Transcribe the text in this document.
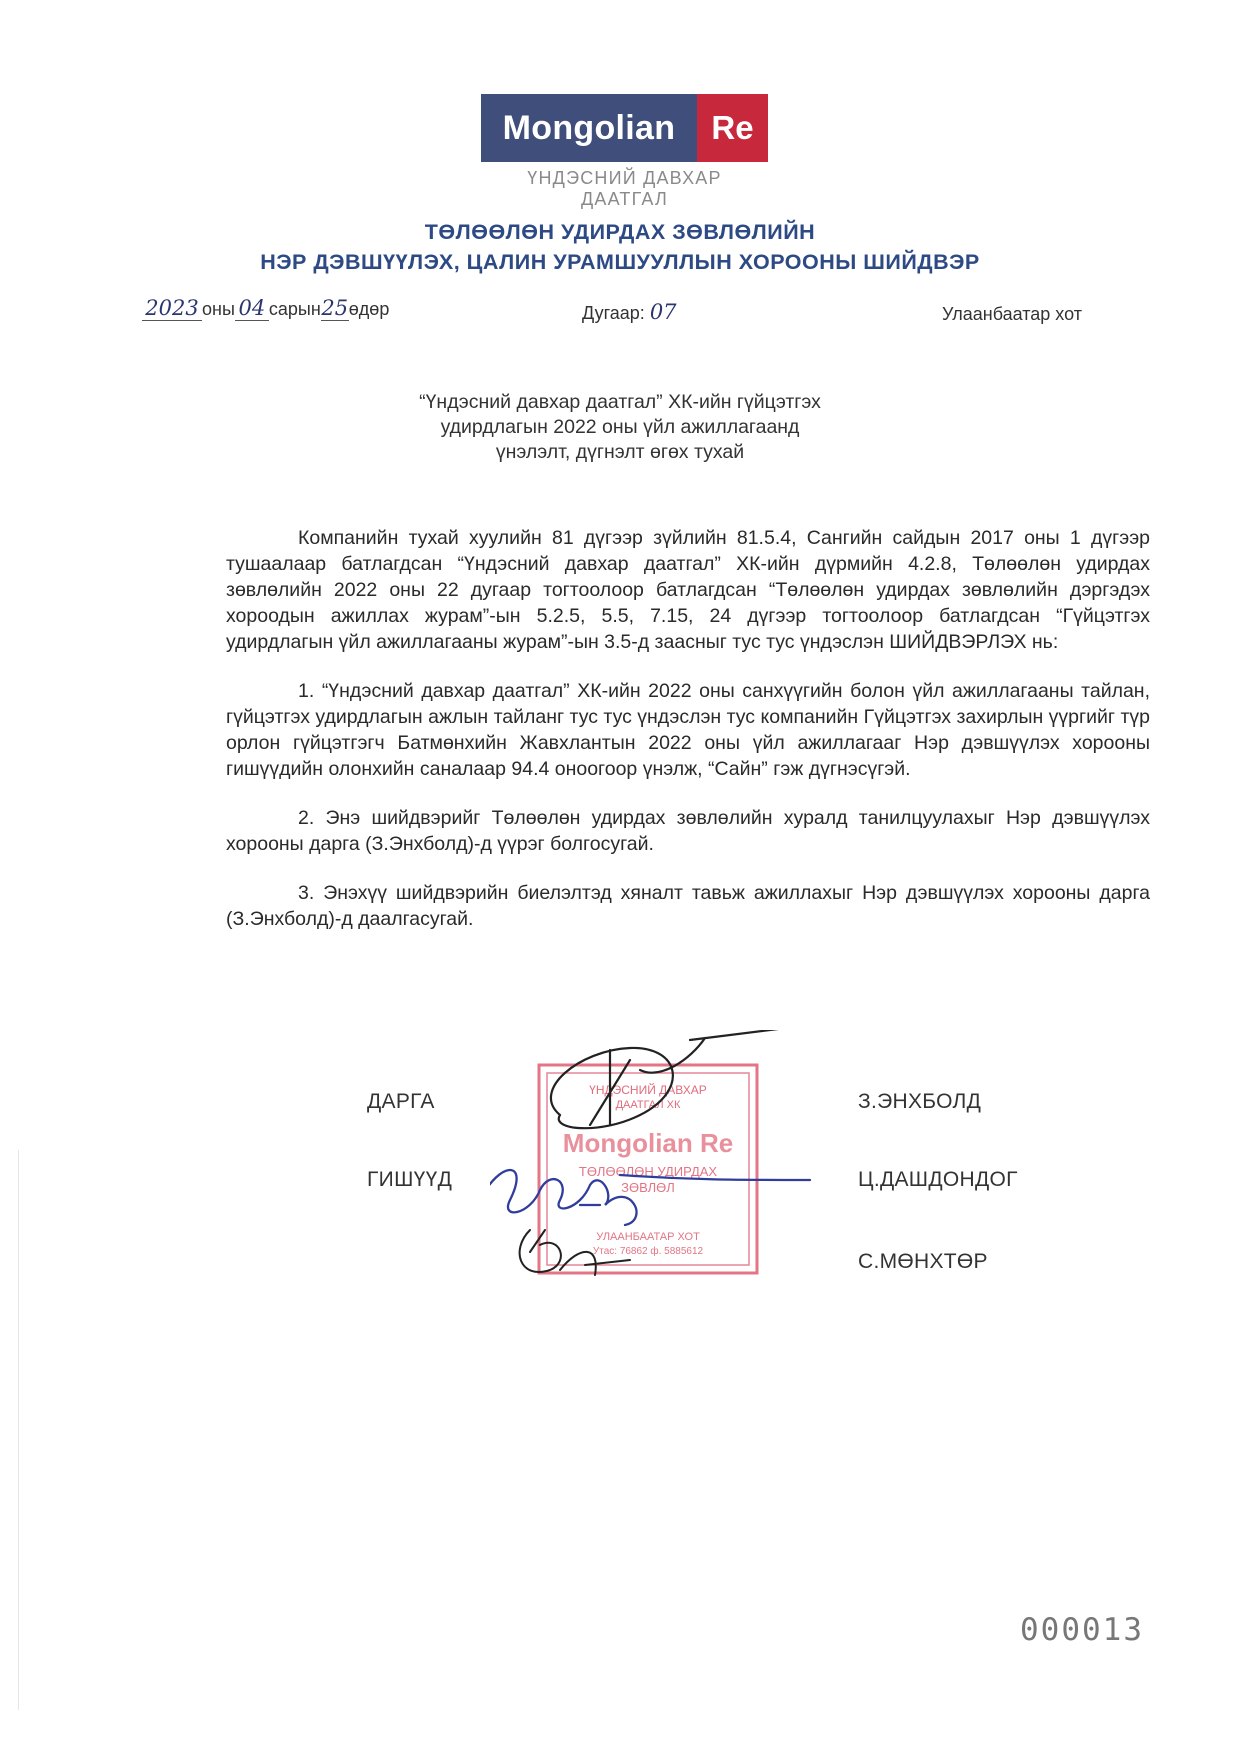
Mongolian	Re
ҮНДЭСНИЙ ДАВХАР ДААТГАЛ
ТӨЛӨӨЛӨН УДИРДАХ ЗӨВЛӨЛИЙН
НЭР ДЭВШҮҮЛЭХ, ЦАЛИН УРАМШУУЛЛЫН ХОРООНЫ ШИЙДВЭР
2023 оны 04 сарын25өдөр	Дугаар: 07	Улаанбаатар хот
“Үндэсний давхар даатгал” ХК-ийн гүйцэтгэх
удирдлагын 2022 оны үйл ажиллагаанд
үнэлэлт, дүгнэлт өгөх тухай

Компанийн тухай хуулийн 81 дүгээр зүйлийн 81.5.4, Сангийн сайдын 2017 оны 1 дүгээр тушаалаар батлагдсан “Үндэсний давхар даатгал” ХК-ийн дүрмийн 4.2.8, Төлөөлөн удирдах зөвлөлийн 2022 оны 22 дугаар тогтоолоор батлагдсан “Төлөөлөн удирдах зөвлөлийн дэргэдэх хороодын ажиллах журам”-ын 5.2.5, 5.5, 7.15, 24 дүгээр тогтоолоор батлагдсан “Гүйцэтгэх удирдлагын үйл ажиллагааны журам”-ын 3.5-д заасныг тус тус үндэслэн ШИЙДВЭРЛЭХ нь:

1. “Үндэсний давхар даатгал” ХК-ийн 2022 оны санхүүгийн болон үйл ажиллагааны тайлан, гүйцэтгэх удирдлагын ажлын тайланг тус тус үндэслэн тус компанийн Гүйцэтгэх захирлын үүргийг түр орлон гүйцэтгэгч Батмөнхийн Жавхлантын 2022 оны үйл ажиллагааг Нэр дэвшүүлэх хорооны гишүүдийн олонхийн саналаар 94.4 оноогоор үнэлж, “Сайн” гэж дүгнэсүгэй.

2. Энэ шийдвэрийг Төлөөлөн удирдах зөвлөлийн хуралд танилцуулахыг Нэр дэвшүүлэх хорооны дарга (З.Энхболд)-д үүрэг болгосугай.

3. Энэхүү шийдвэрийн биелэлтэд хяналт тавьж ажиллахыг Нэр дэвшүүлэх хорооны дарга (З.Энхболд)-д даалгасугай.

ДАРГА	З.ЭНХБОЛД
ГИШҮҮД	Ц.ДАШДОНДОГ
С.МӨНХТӨР
ҮНДЭСНИЙ ДАВХАР
ДААТГАЛ ХК
Mongolian Re
ТӨЛӨӨЛӨН УДИРДАХ
ЗӨВЛӨЛ
УЛААНБААТАР ХОТ
Утас: 76862 ф. 5885612
000013
